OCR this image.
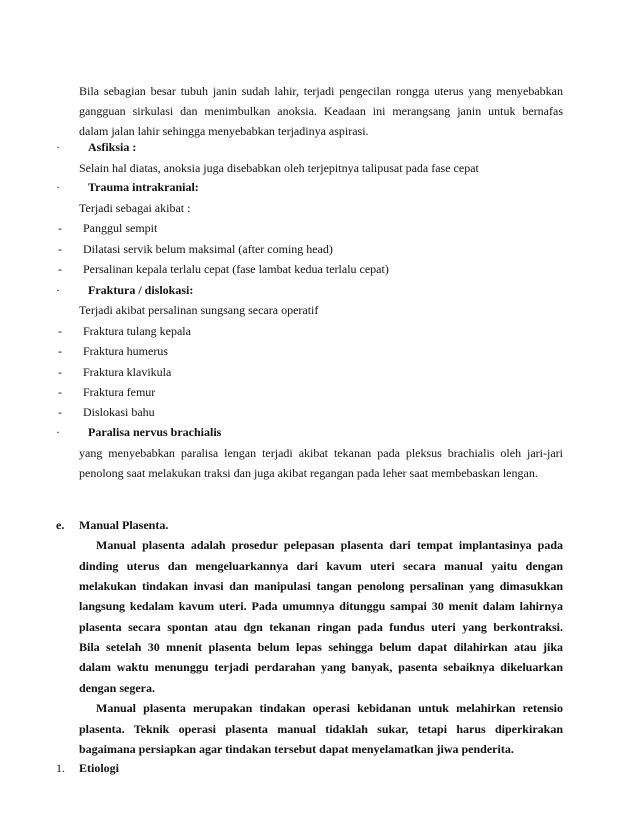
Bila sebagian besar tubuh janin sudah lahir, terjadi pengecilan rongga uterus yang menyebabkan
gangguan sirkulasi dan menimbulkan anoksia. Keadaan ini merangsang janin untuk bernafas
dalam jalan lahir sehingga menyebabkan terjadinya aspirasi.
· Asfiksia :
Selain hal diatas, anoksia juga disebabkan oleh terjepitnya talipusat pada fase cepat
· Trauma intrakranial:
Terjadi sebagai akibat :
- Panggul sempit
- Dilatasi servik belum maksimal (after coming head)
- Persalinan kepala terlalu cepat (fase lambat kedua terlalu cepat)
· Fraktura / dislokasi:
Terjadi akibat persalinan sungsang secara operatif
- Fraktura tulang kepala
- Fraktura humerus
- Fraktura klavikula
- Fraktura femur
- Dislokasi bahu
· Paralisa nervus brachialis
yang menyebabkan paralisa lengan terjadi akibat tekanan pada pleksus brachialis oleh jari-jari
penolong saat melakukan traksi dan juga akibat regangan pada leher saat membebaskan lengan.
e. Manual Plasenta.
Manual plasenta adalah prosedur pelepasan plasenta dari tempat implantasinya pada
dinding uterus dan mengeluarkannya dari kavum uteri secara manual yaitu dengan
melakukan tindakan invasi dan manipulasi tangan penolong persalinan yang dimasukkan
langsung kedalam kavum uteri. Pada umumnya ditunggu sampai 30 menit dalam lahirnya
plasenta secara spontan atau dgn tekanan ringan pada fundus uteri yang berkontraksi.
Bila setelah 30 mnenit plasenta belum lepas sehingga belum dapat dilahirkan atau jika
dalam waktu menunggu terjadi perdarahan yang banyak, pasenta sebaiknya dikeluarkan
dengan segera.
Manual plasenta merupakan tindakan operasi kebidanan untuk melahirkan retensio
plasenta. Teknik operasi plasenta manual tidaklah sukar, tetapi harus diperkirakan
bagaimana persiapkan agar tindakan tersebut dapat menyelamatkan jiwa penderita.
1. Etiologi
